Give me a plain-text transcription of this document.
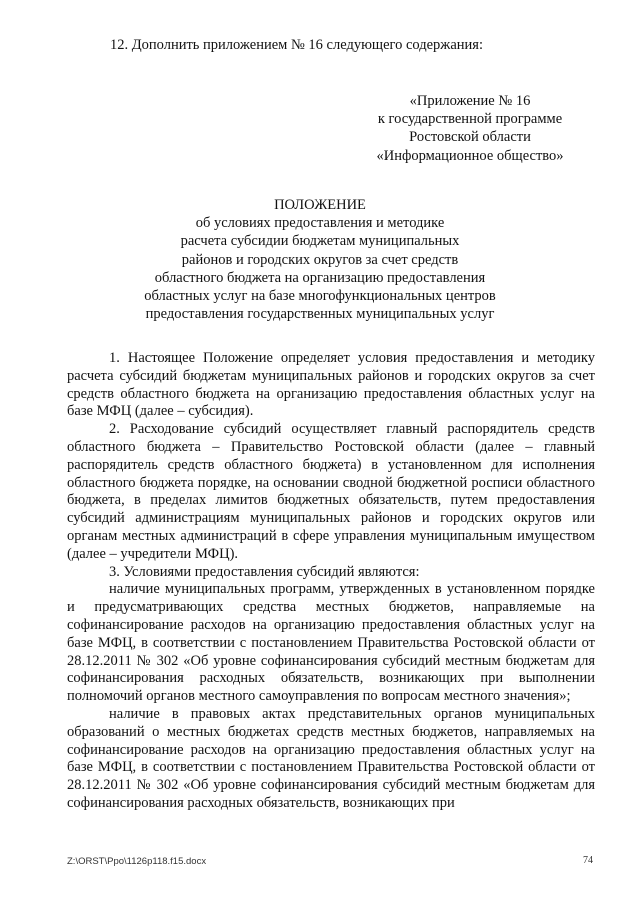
12. Дополнить приложением № 16 следующего содержания:
«Приложение № 16
к государственной программе
Ростовской области
«Информационное общество»
ПОЛОЖЕНИЕ
об условиях предоставления и методике
расчета субсидии бюджетам муниципальных
районов и городских округов за счет средств
областного бюджета на организацию предоставления
областных услуг на базе многофункциональных центров
предоставления государственных муниципальных услуг

1. Настоящее Положение определяет условия предоставления и методику расчета субсидий бюджетам муниципальных районов и городских округов за счет средств областного бюджета на организацию предоставления областных услуг на базе МФЦ (далее – субсидия).

2. Расходование субсидий осуществляет главный распорядитель средств областного бюджета – Правительство Ростовской области (далее – главный распорядитель средств областного бюджета) в установленном для исполнения областного бюджета порядке, на основании сводной бюджетной росписи областного бюджета, в пределах лимитов бюджетных обязательств, путем предоставления субсидий администрациям муниципальных районов и городских округов или органам местных администраций в сфере управления муниципальным имуществом (далее – учредители МФЦ).

3. Условиями предоставления субсидий являются:

наличие муниципальных программ, утвержденных в установленном порядке и предусматривающих средства местных бюджетов, направляемые на софинансирование расходов на организацию предоставления областных услуг на базе МФЦ, в соответствии с постановлением Правительства Ростовской области от 28.12.2011 № 302 «Об уровне софинансирования субсидий местным бюджетам для софинансирования расходных обязательств, возникающих при выполнении полномочий органов местного самоуправления по вопросам местного значения»;

наличие в правовых актах представительных органов муниципальных образований о местных бюджетах средств местных бюджетов, направляемых на софинансирование расходов на организацию предоставления областных услуг на базе МФЦ, в соответствии с постановлением Правительства Ростовской области от 28.12.2011 № 302 «Об уровне софинансирования субсидий местным бюджетам для софинансирования расходных обязательств, возникающих при

Z:\ORST\Ppo\1126p118.f15.docx	74
